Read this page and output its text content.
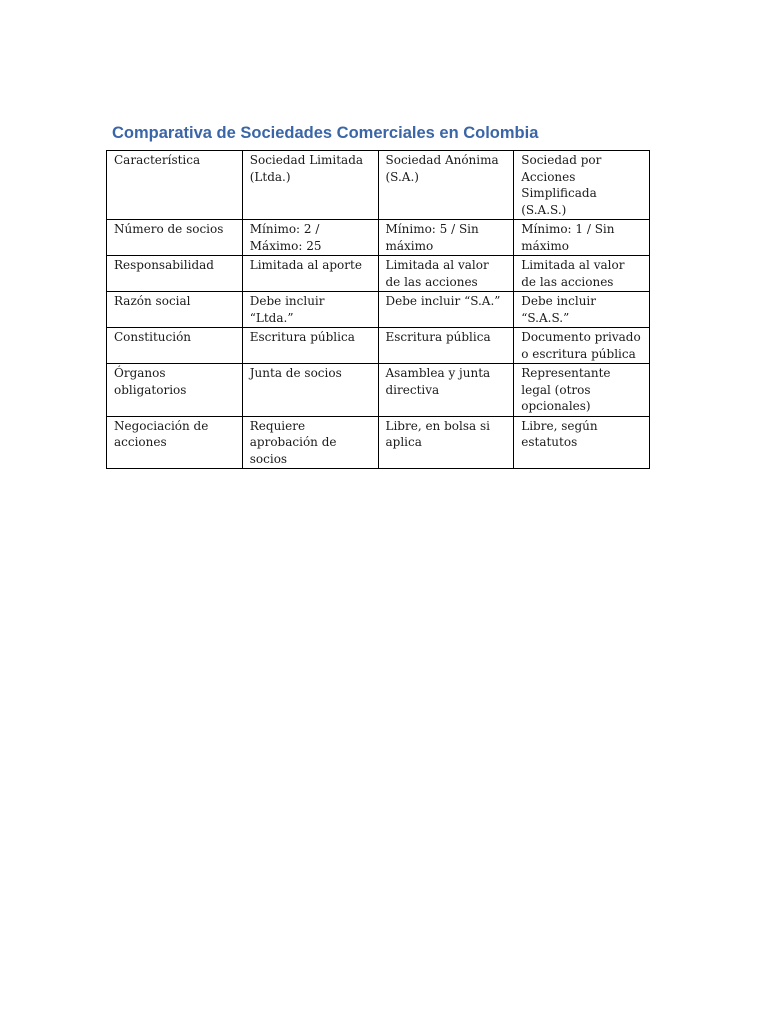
Comparativa de Sociedades Comerciales en Colombia
Característica	Sociedad Limitada (Ltda.)	Sociedad Anónima (S.A.)	Sociedad por Acciones Simplificada (S.A.S.)
Número de socios	Mínimo: 2 / Máximo: 25	Mínimo: 5 / Sin máximo	Mínimo: 1 / Sin máximo
Responsabilidad	Limitada al aporte	Limitada al valor de las acciones	Limitada al valor de las acciones
Razón social	Debe incluir “Ltda.”	Debe incluir “S.A.”	Debe incluir “S.A.S.”
Constitución	Escritura pública	Escritura pública	Documento privado o escritura pública
Órganos obligatorios	Junta de socios	Asamblea y junta directiva	Representante legal (otros opcionales)
Negociación de acciones	Requiere aprobación de socios	Libre, en bolsa si aplica	Libre, según estatutos
